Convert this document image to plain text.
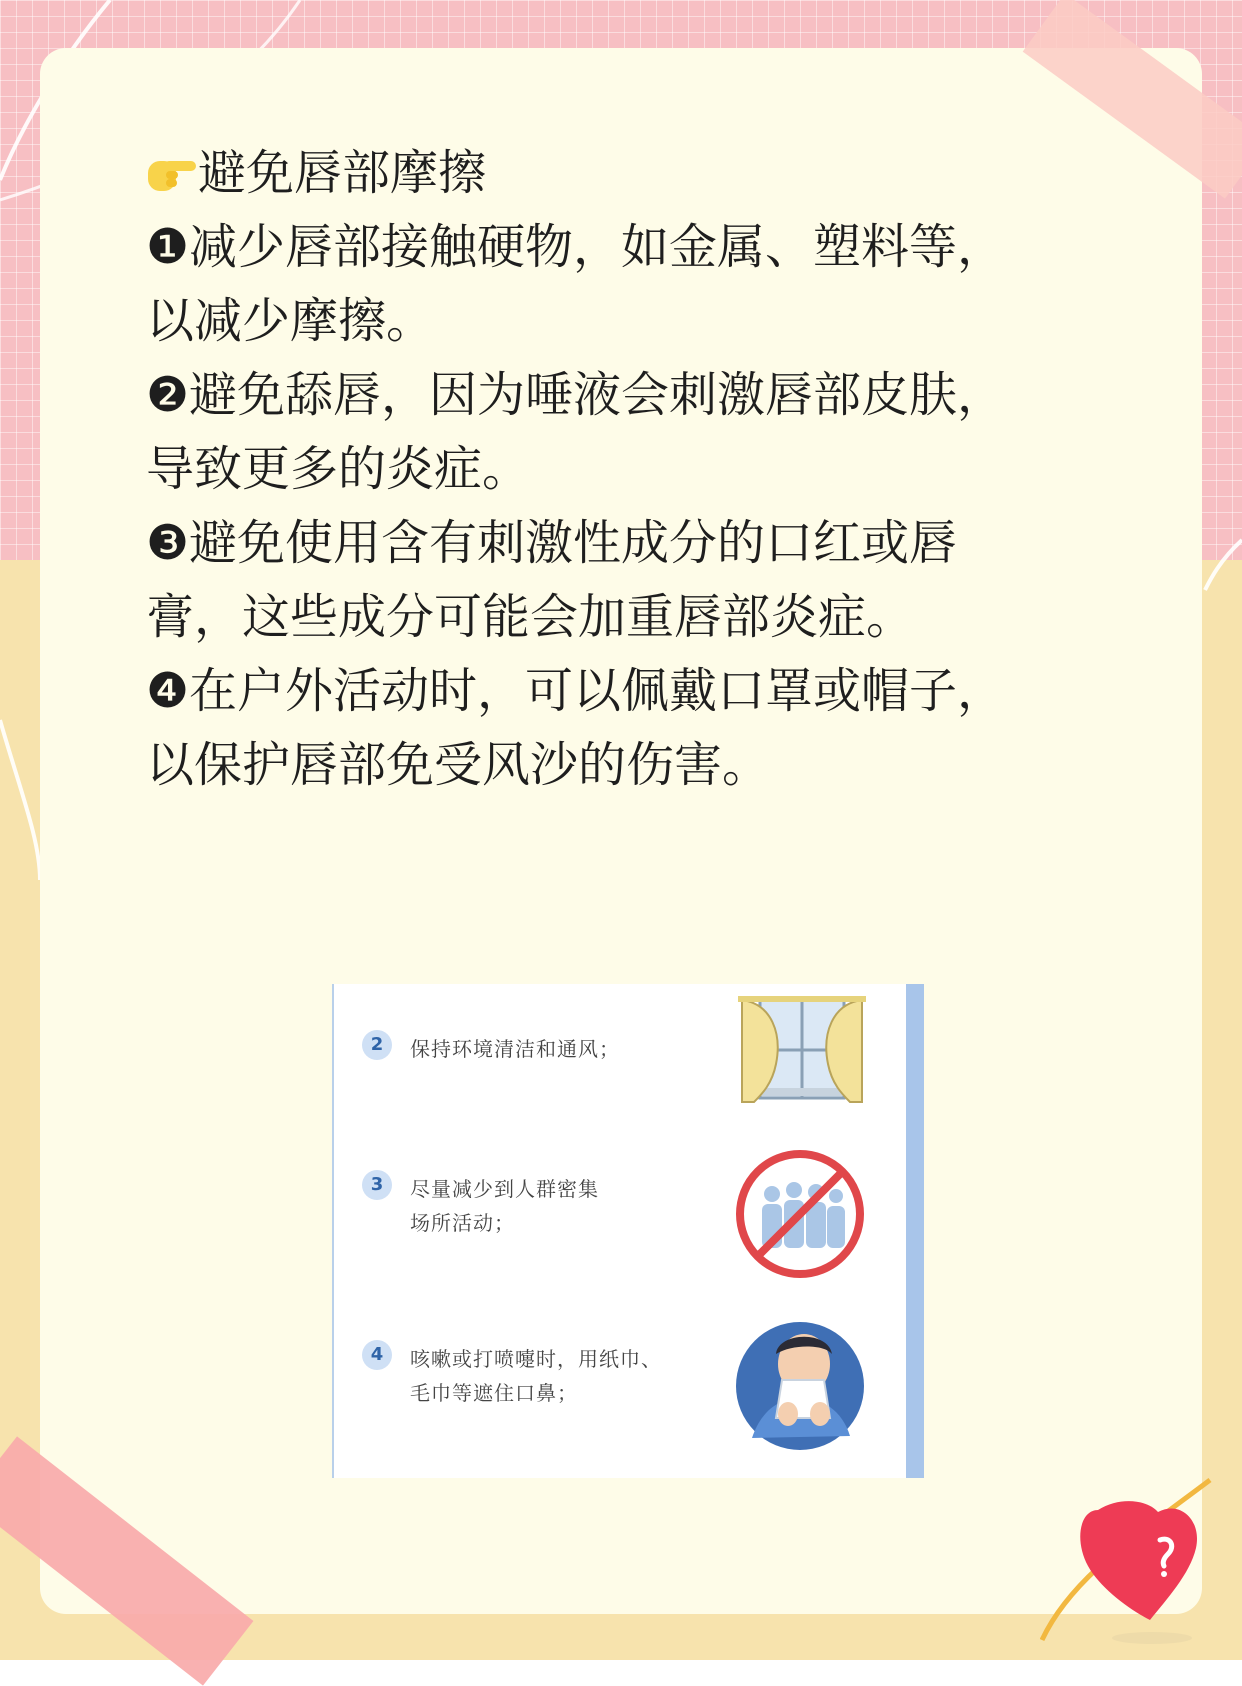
避免唇部摩擦

❶减少唇部接触硬物，如金属、塑料等，

以减少摩擦。

❷避免舔唇，因为唾液会刺激唇部皮肤，

导致更多的炎症。

❸避免使用含有刺激性成分的口红或唇

膏，这些成分可能会加重唇部炎症。

❹在户外活动时，可以佩戴口罩或帽子，

以保护唇部免受风沙的伤害。

2	保持环境清洁和通风；
3	尽量减少到人群密集
场所活动；
4	咳嗽或打喷嚏时，用纸巾、
毛巾等遮住口鼻；
